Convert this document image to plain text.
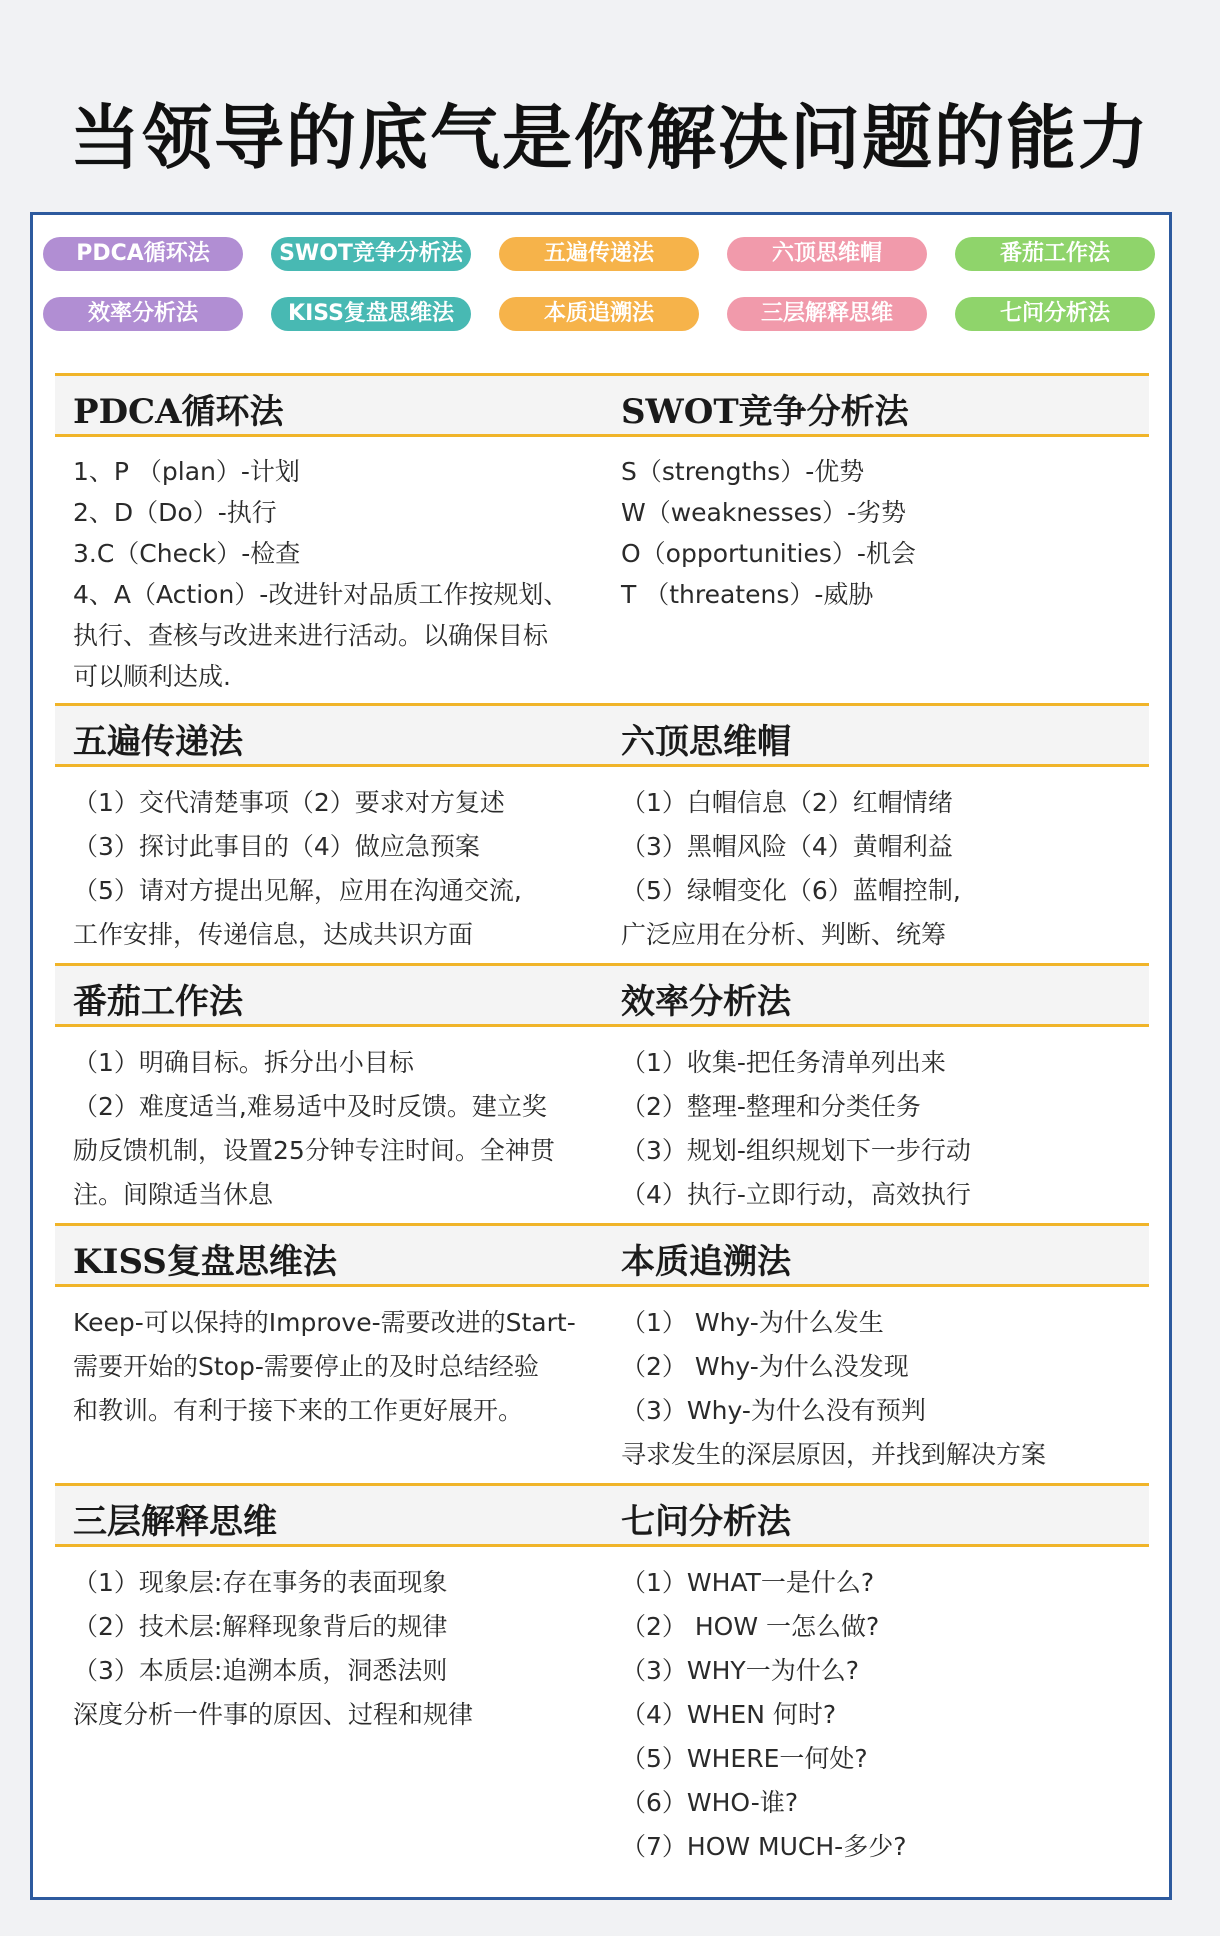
当领导的底气是你解决问题的能力
PDCA循环法	SWOT竞争分析法	五遍传递法	六顶思维帽	番茄工作法
效率分析法	KISS复盘思维法	本质追溯法	三层解释思维	七问分析法
PDCA循环法	SWOT竞争分析法
1、P （plan）-计划
2、D（Do）-执行
3.C（Check）-检查
4、A（Action）-改进针对品质工作按规划、
执行、查核与改进来进行活动。以确保目标
可以顺利达成.
S（strengths）-优势
W（weaknesses）-劣势
O（opportunities）-机会
T （threatens）-威胁
五遍传递法	六顶思维帽
（1）交代清楚事项（2）要求对方复述
（3）探讨此事目的（4）做应急预案
（5）请对方提出见解，应用在沟通交流,
工作安排，传递信息，达成共识方面
（1）白帽信息（2）红帽情绪
（3）黑帽风险（4）黄帽利益
（5）绿帽变化（6）蓝帽控制,
广泛应用在分析、判断、统筹
番茄工作法	效率分析法
（1）明确目标。拆分出小目标
（2）难度适当,难易适中及时反馈。建立奖
励反馈机制，设置25分钟专注时间。全神贯
注。间隙适当休息
（1）收集-把任务清单列出来
（2）整理-整理和分类任务
（3）规划-组织规划下一步行动
（4）执行-立即行动，高效执行
KISS复盘思维法	本质追溯法
Keep-可以保持的Improve-需要改进的Start-
需要开始的Stop-需要停止的及时总结经验
和教训。有利于接下来的工作更好展开。
（1） Why-为什么发生
（2） Why-为什么没发现
（3）Why-为什么没有预判
寻求发生的深层原因，并找到解决方案
三层解释思维	七问分析法
（1）现象层:存在事务的表面现象
（2）技术层:解释现象背后的规律
（3）本质层:追溯本质，洞悉法则
深度分析一件事的原因、过程和规律
（1）WHAT一是什么?
（2） HOW 一怎么做?
（3）WHY一为什么?
（4）WHEN 何时?
（5）WHERE一何处?
（6）WHO-谁?
（7）HOW MUCH-多少?
